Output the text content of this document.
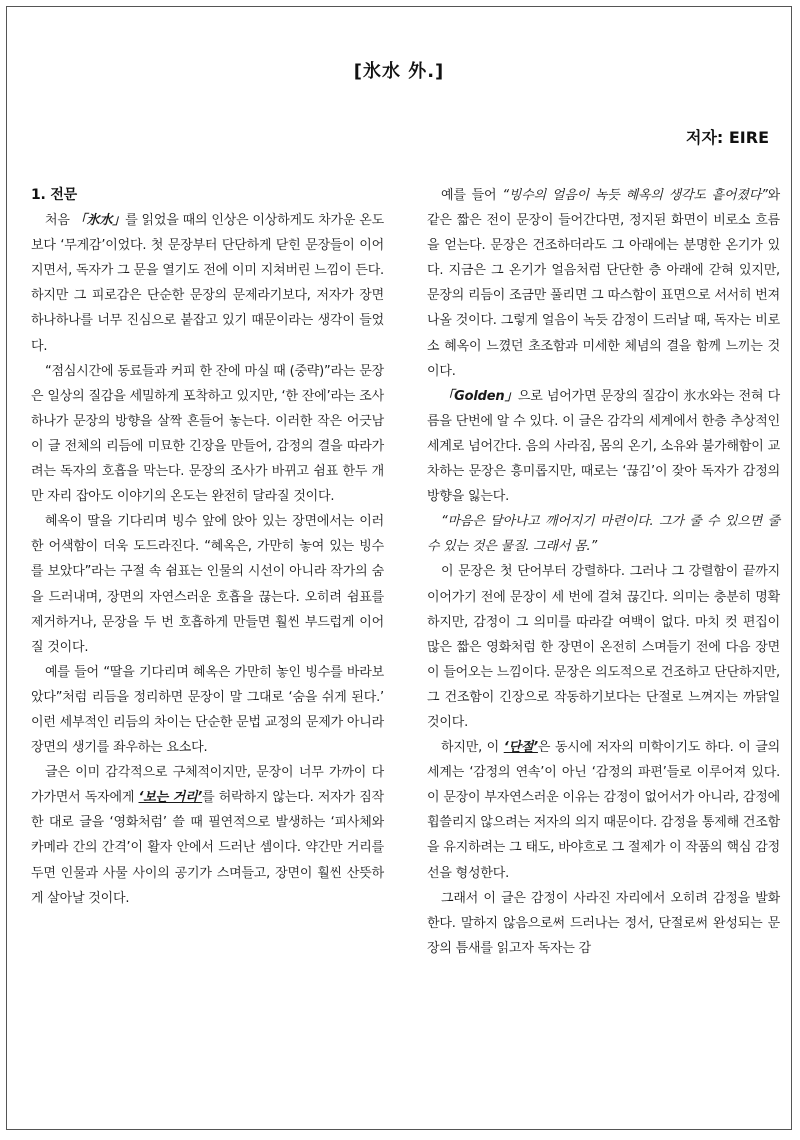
[氷水 外.]
저자: EIRE

1. 전문

처음 「氷水」를 읽었을 때의 인상은 이상하게도 차가운 온도보다 ‘무게감’이었다. 첫 문장부터 단단하게 닫힌 문장들이 이어지면서, 독자가 그 문을 열기도 전에 이미 지쳐버린 느낌이 든다. 하지만 그 피로감은 단순한 문장의 문제라기보다, 저자가 장면 하나하나를 너무 진심으로 붙잡고 있기 때문이라는 생각이 들었다.

“점심시간에 동료들과 커피 한 잔에 마실 때 (중략)”라는 문장은 일상의 질감을 세밀하게 포착하고 있지만, ‘한 잔에’라는 조사 하나가 문장의 방향을 살짝 흔들어 놓는다. 이러한 작은 어긋남이 글 전체의 리듬에 미묘한 긴장을 만들어, 감정의 결을 따라가려는 독자의 호흡을 막는다. 문장의 조사가 바뀌고 쉼표 한두 개만 자리 잡아도 이야기의 온도는 완전히 달라질 것이다.

혜옥이 딸을 기다리며 빙수 앞에 앉아 있는 장면에서는 이러한 어색함이 더욱 도드라진다. “혜옥은, 가만히 놓여 있는 빙수를 보았다”라는 구절 속 쉼표는 인물의 시선이 아니라 작가의 숨을 드러내며, 장면의 자연스러운 호흡을 끊는다. 오히려 쉼표를 제거하거나, 문장을 두 번 호흡하게 만들면 훨씬 부드럽게 이어질 것이다.

예를 들어 “딸을 기다리며 혜옥은 가만히 놓인 빙수를 바라보았다”처럼 리듬을 정리하면 문장이 말 그대로 ‘숨을 쉬게 된다.’ 이런 세부적인 리듬의 차이는 단순한 문법 교정의 문제가 아니라 장면의 생기를 좌우하는 요소다.

글은 이미 감각적으로 구체적이지만, 문장이 너무 가까이 다가가면서 독자에게 ‘보는 거리’를 허락하지 않는다. 저자가 짐작한 대로 글을 ‘영화처럼’ 쓸 때 필연적으로 발생하는 ‘피사체와 카메라 간의 간격’이 활자 안에서 드러난 셈이다. 약간만 거리를 두면 인물과 사물 사이의 공기가 스며들고, 장면이 훨씬 산뜻하게 살아날 것이다.

예를 들어 “빙수의 얼음이 녹듯 혜옥의 생각도 흩어졌다”와 같은 짧은 전이 문장이 들어간다면, 정지된 화면이 비로소 흐름을 얻는다. 문장은 건조하더라도 그 아래에는 분명한 온기가 있다. 지금은 그 온기가 얼음처럼 단단한 층 아래에 갇혀 있지만, 문장의 리듬이 조금만 풀리면 그 따스함이 표면으로 서서히 번져 나올 것이다. 그렇게 얼음이 녹듯 감정이 드러날 때, 독자는 비로소 혜옥이 느꼈던 초조함과 미세한 체념의 결을 함께 느끼는 것이다.

「Golden」으로 넘어가면 문장의 질감이 氷水와는 전혀 다름을 단번에 알 수 있다. 이 글은 감각의 세계에서 한층 추상적인 세계로 넘어간다. 음의 사라짐, 몸의 온기, 소유와 불가해함이 교차하는 문장은 흥미롭지만, 때로는 ‘끊김’이 잦아 독자가 감정의 방향을 잃는다.

“마음은 달아나고 깨어지기 마련이다. 그가 줄 수 있으면 줄 수 있는 것은 물질. 그래서 몸.”

이 문장은 첫 단어부터 강렬하다. 그러나 그 강렬함이 끝까지 이어가기 전에 문장이 세 번에 걸쳐 끊긴다. 의미는 충분히 명확하지만, 감정이 그 의미를 따라갈 여백이 없다. 마치 컷 편집이 많은 짧은 영화처럼 한 장면이 온전히 스며들기 전에 다음 장면이 들어오는 느낌이다. 문장은 의도적으로 건조하고 단단하지만, 그 건조함이 긴장으로 작동하기보다는 단절로 느껴지는 까닭일 것이다.

하지만, 이 ‘단절’은 동시에 저자의 미학이기도 하다. 이 글의 세계는 ‘감정의 연속’이 아닌 ‘감정의 파편’들로 이루어져 있다. 이 문장이 부자연스러운 이유는 감정이 없어서가 아니라, 감정에 휩쓸리지 않으려는 저자의 의지 때문이다. 감정을 통제해 건조함을 유지하려는 그 태도, 바야흐로 그 절제가 이 작품의 핵심 감정선을 형성한다.

그래서 이 글은 감정이 사라진 자리에서 오히려 감정을 발화한다. 말하지 않음으로써 드러나는 정서, 단절로써 완성되는 문장의 틈새를 읽고자 독자는 감
